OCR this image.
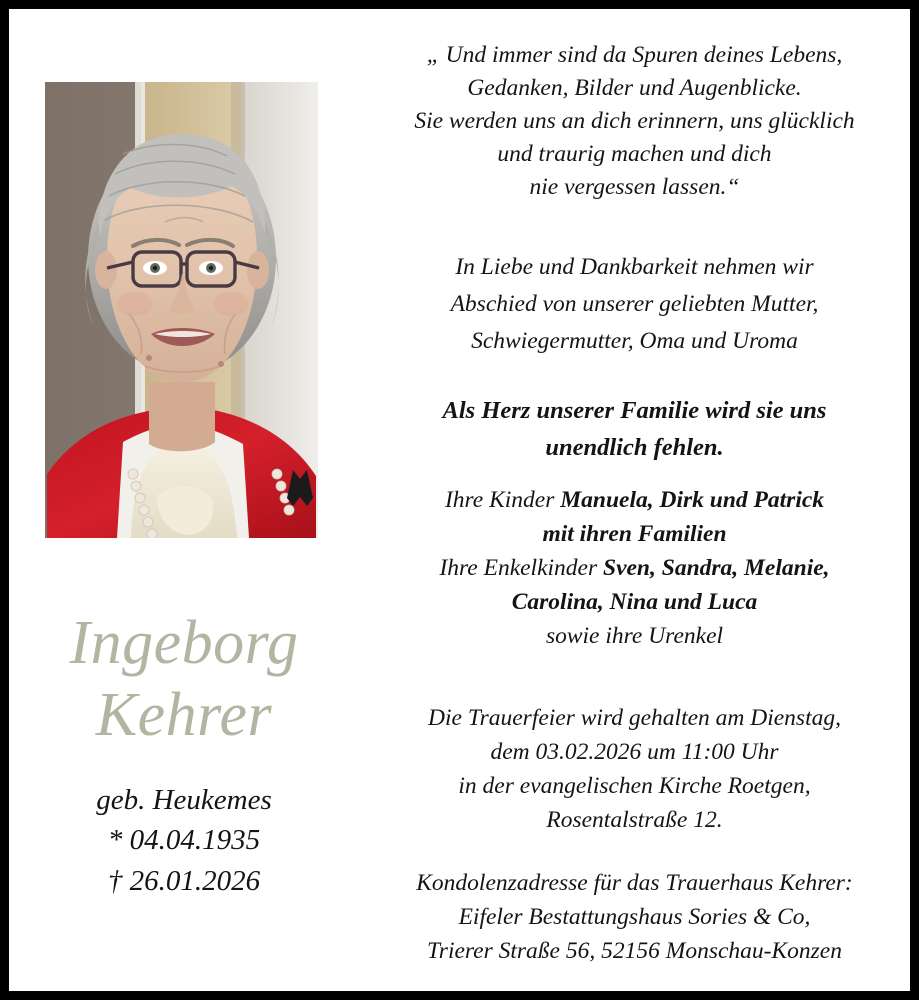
Ingeborg
Kehrer
geb. Heukemes
* 04.04.1935
† 26.01.2026
„ Und immer sind da Spuren deines Lebens,
Gedanken, Bilder und Augenblicke.
Sie werden uns an dich erinnern, uns glücklich
und traurig machen und dich
nie vergessen lassen.“
In Liebe und Dankbarkeit nehmen wir
Abschied von unserer geliebten Mutter,
Schwiegermutter, Oma und Uroma
Als Herz unserer Familie wird sie uns
unendlich fehlen.
Ihre Kinder Manuela, Dirk und Patrick
mit ihren Familien
Ihre Enkelkinder Sven, Sandra, Melanie,
Carolina, Nina und Luca
sowie ihre Urenkel
Die Trauerfeier wird gehalten am Dienstag,
dem 03.02.2026 um 11:00 Uhr
in der evangelischen Kirche Roetgen,
Rosentalstraße 12.
Kondolenzadresse für das Trauerhaus Kehrer:
Eifeler Bestattungshaus Sories & Co,
Trierer Straße 56, 52156 Monschau-Konzen
